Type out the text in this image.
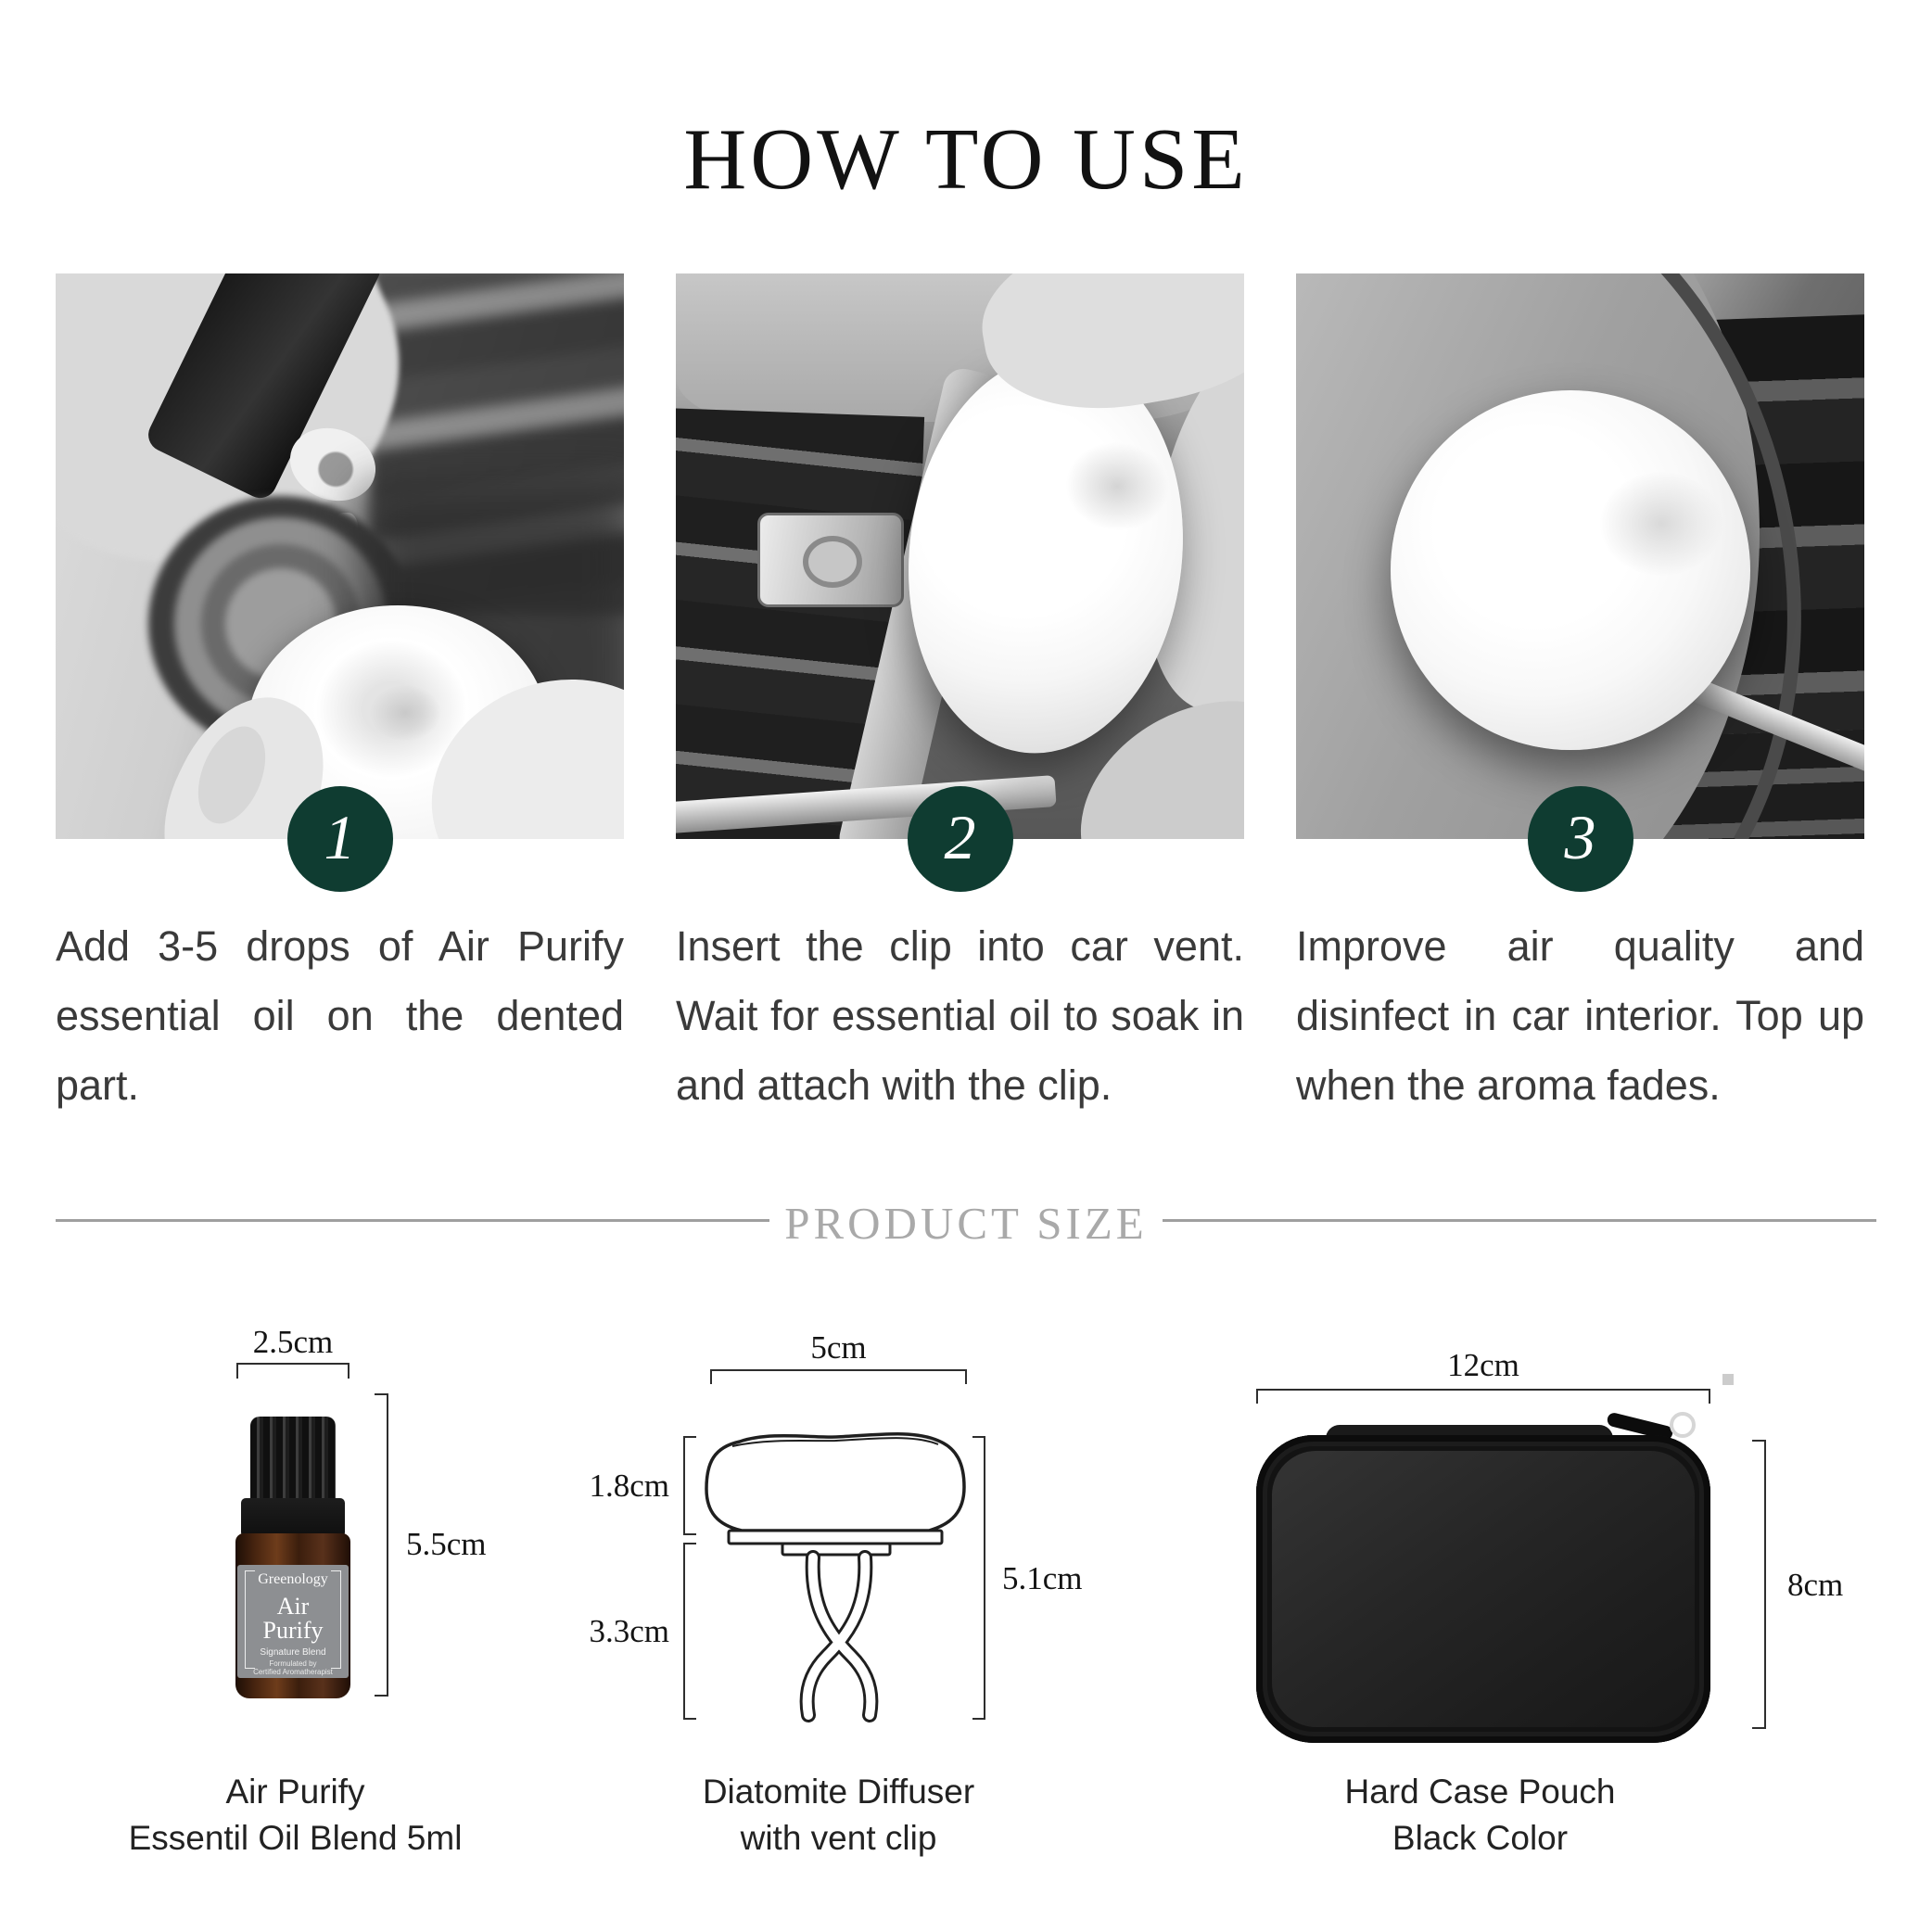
HOW TO USE
1

Add 3-5 drops of Air Purify essential oil on the dented part.

2

Insert the clip into car vent. Wait for essential oil to soak in and attach with the clip.

3

Improve air quality and disinfect in car interior. Top up when the aroma fades.

PRODUCT SIZE
2.5cm
5.5cm
Greenology
Air
Purify
Signature Blend
Formulated by
Certified Aromatherapist
5cm
1.8cm
3.3cm
5.1cm
12cm
8cm
Air Purify
Essentil Oil Blend 5ml
Diatomite Diffuser
with vent clip
Hard Case Pouch
Black Color
